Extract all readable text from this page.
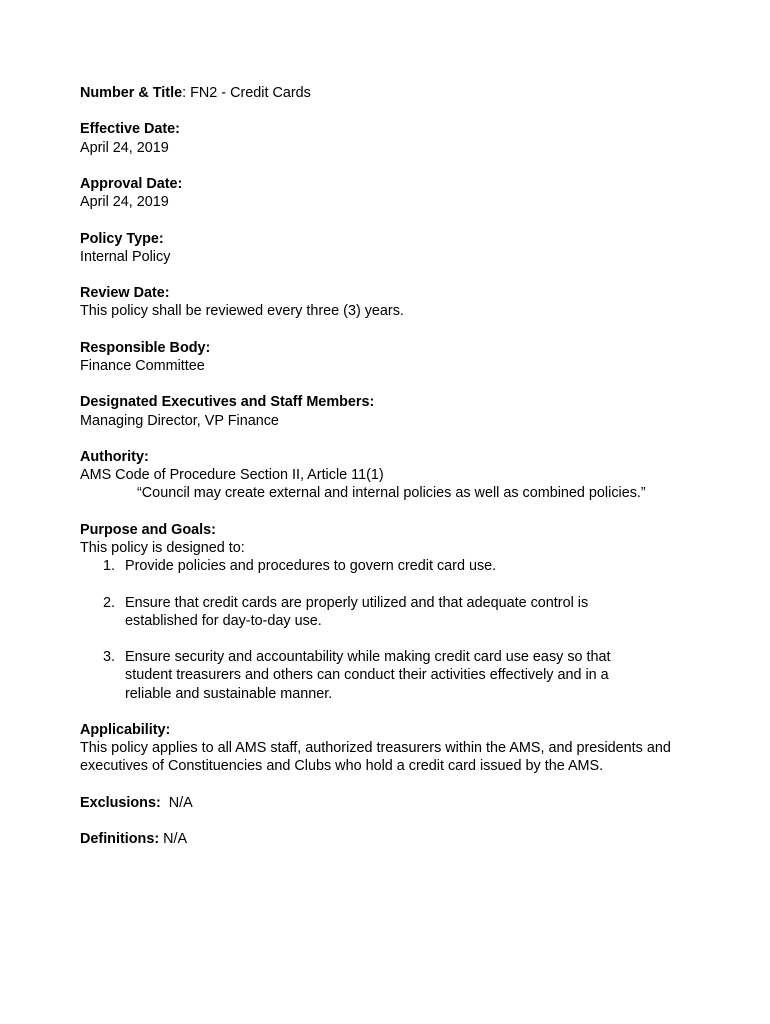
Number & Title: FN2 - Credit Cards
Effective Date:
April 24, 2019
Approval Date:
April 24, 2019
Policy Type:
Internal Policy
Review Date:
This policy shall be reviewed every three (3) years.
Responsible Body:
Finance Committee
Designated Executives and Staff Members:
Managing Director, VP Finance
Authority:
AMS Code of Procedure Section II, Article 11(1)
“Council may create external and internal policies as well as combined policies.”
Purpose and Goals:
This policy is designed to:
1. Provide policies and procedures to govern credit card use.
2. Ensure that credit cards are properly utilized and that adequate control is established for day-to-day use.
3. Ensure security and accountability while making credit card use easy so that student treasurers and others can conduct their activities effectively and in a reliable and sustainable manner.
Applicability:
This policy applies to all AMS staff, authorized treasurers within the AMS, and presidents and executives of Constituencies and Clubs who hold a credit card issued by the AMS.
Exclusions: N/A
Definitions: N/A
